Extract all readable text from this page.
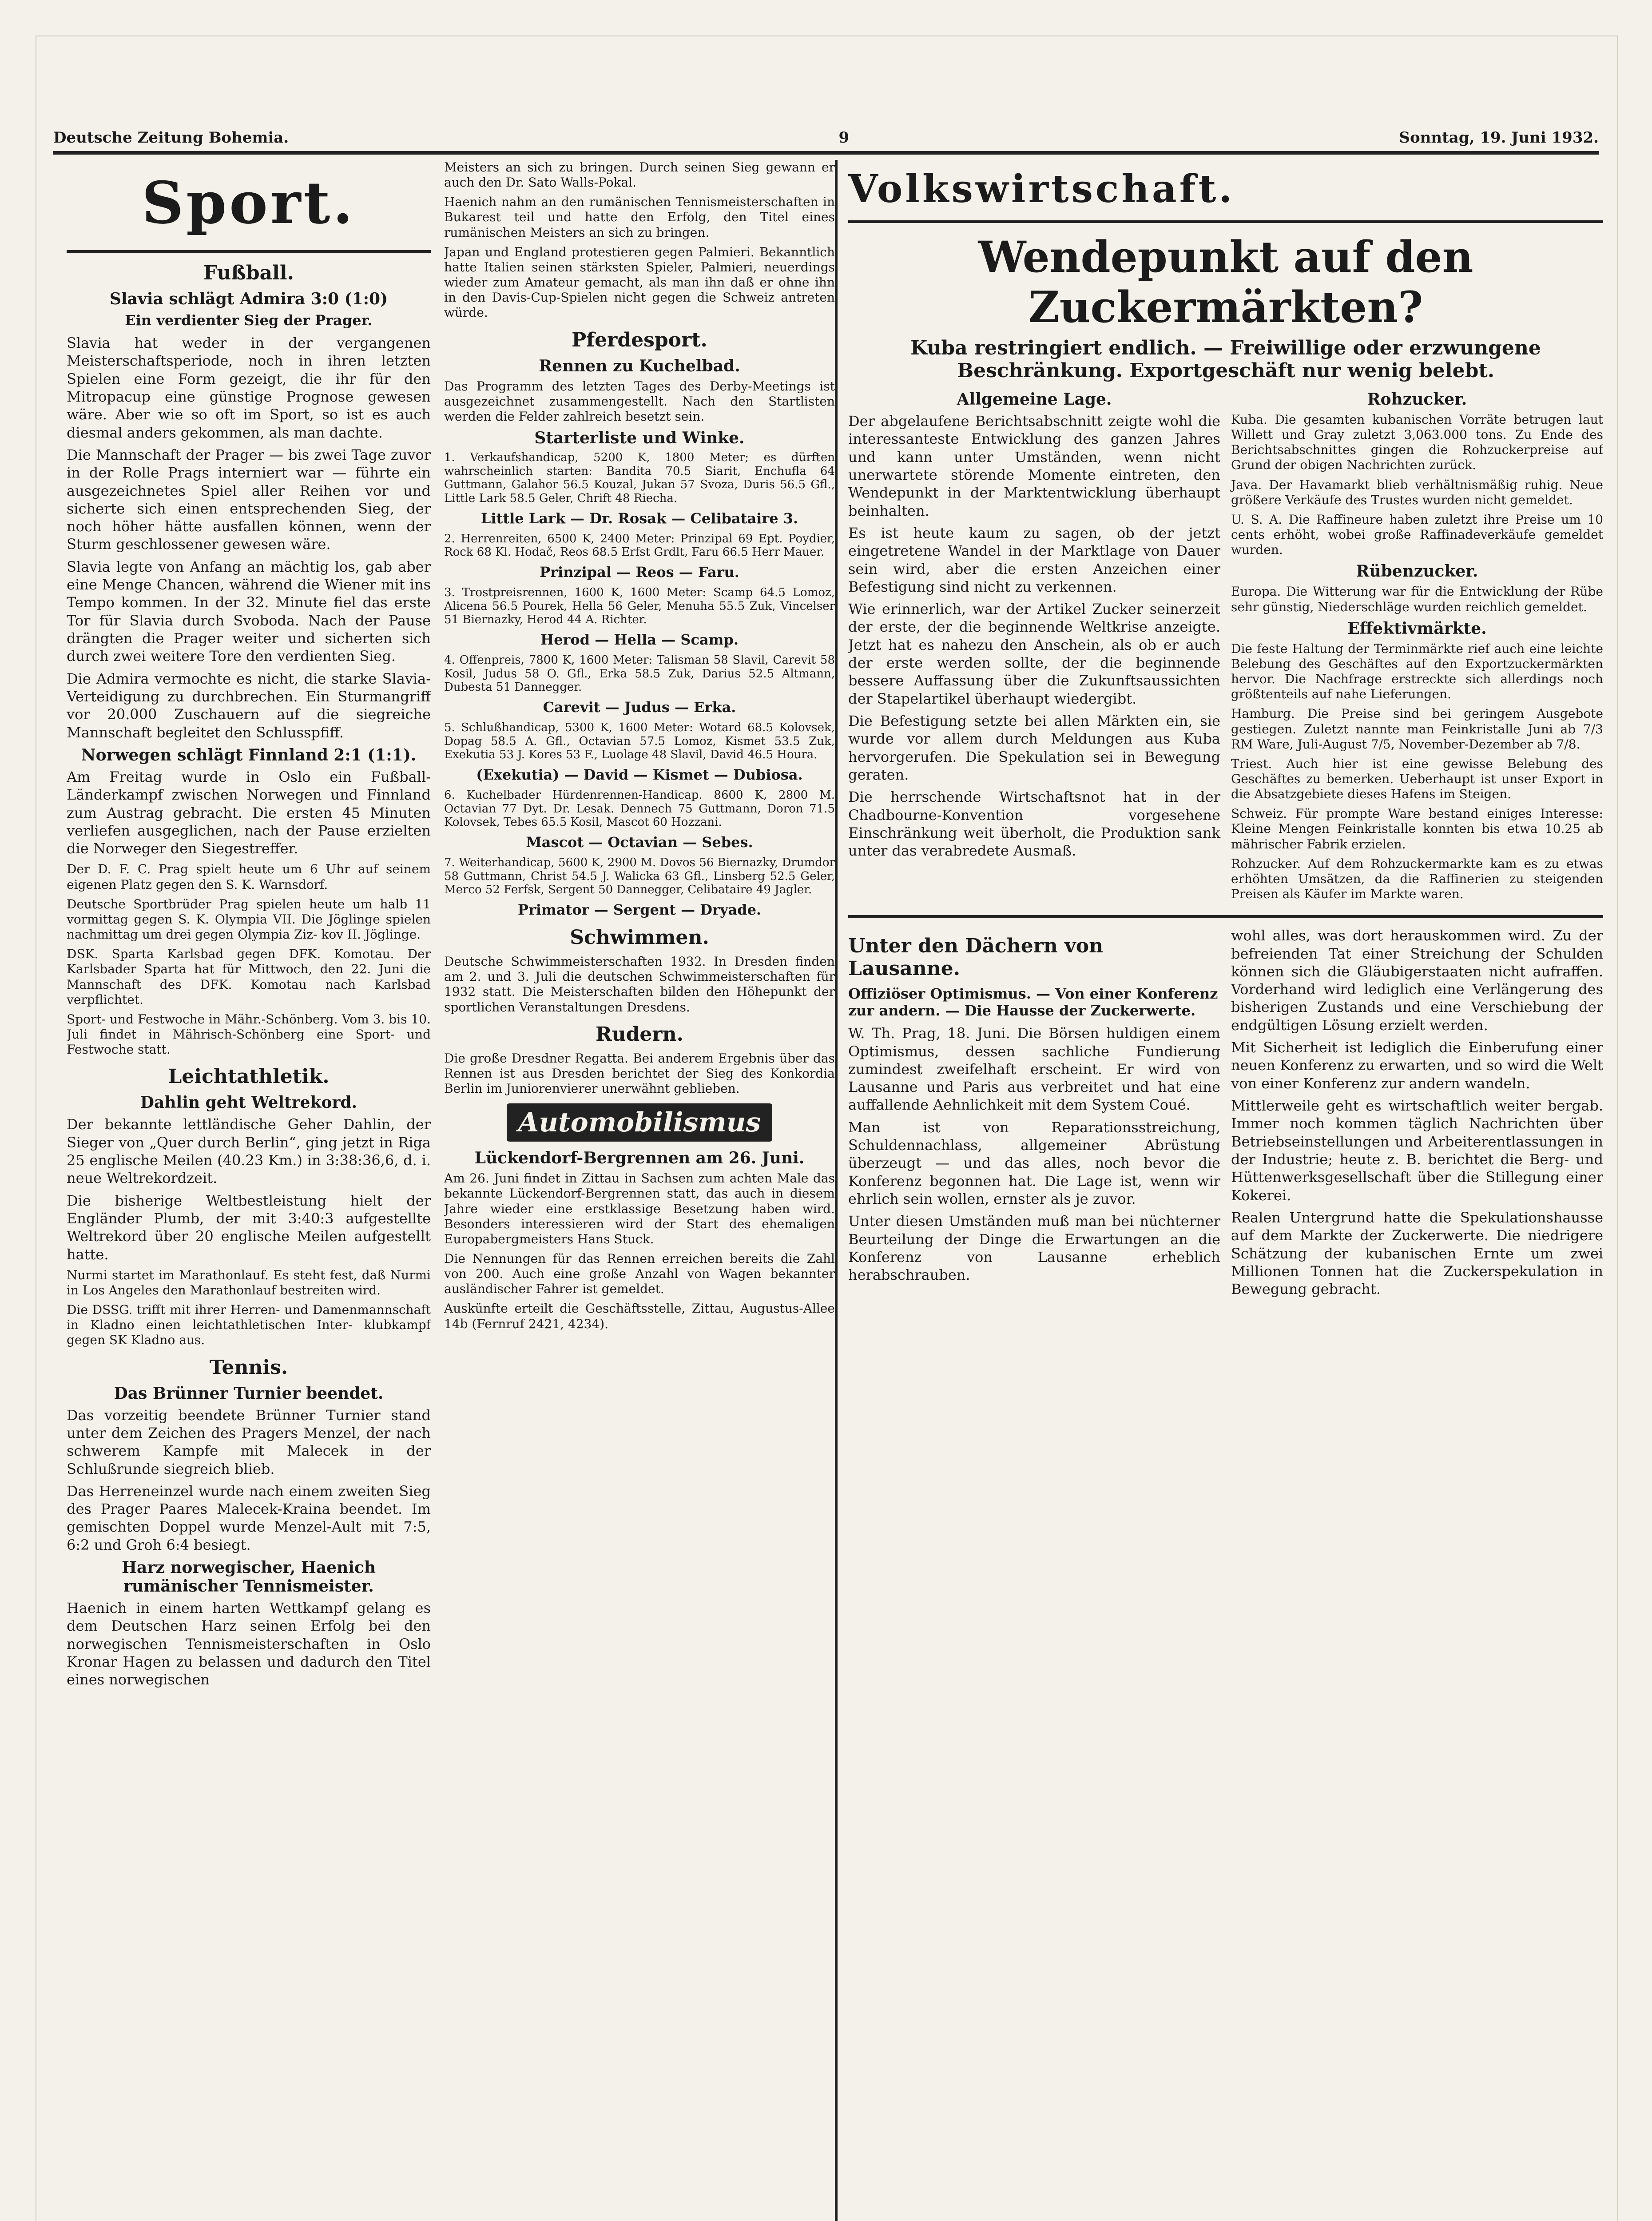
Deutsche Zeitung Bohemia.	9	Sonntag, 19. Juni 1932.
Sport.
Fußball.
Slavia schlägt Admira 3:0 (1:0)
Ein verdienter Sieg der Prager.

Slavia hat weder in der vergangenen Meisterschaftsperiode, noch in ihren letzten Spielen eine Form gezeigt, die ihr für den Mitropacup eine günstige Prognose gewesen wäre. Aber wie so oft im Sport, so ist es auch diesmal anders gekommen, als man dachte.

Die Mannschaft der Prager — bis zwei Tage zuvor in der Rolle Prags interniert war — führte ein ausgezeichnetes Spiel aller Reihen vor und sicherte sich einen entsprechenden Sieg, der noch höher hätte ausfallen können, wenn der Sturm geschlossener gewesen wäre.

Slavia legte von Anfang an mächtig los, gab aber eine Menge Chancen, während die Wiener mit ins Tempo kommen. In der 32. Minute fiel das erste Tor für Slavia durch Svoboda. Nach der Pause drängten die Prager weiter und sicherten sich durch zwei weitere Tore den verdienten Sieg.

Die Admira vermochte es nicht, die starke Slavia-Verteidigung zu durchbrechen. Ein Sturmangriff vor 20.000 Zuschauern auf die siegreiche Mannschaft begleitet den Schlusspfiff.

Norwegen schlägt Finnland 2:1 (1:1).

Am Freitag wurde in Oslo ein Fußball-Länderkampf zwischen Norwegen und Finnland zum Austrag gebracht. Die ersten 45 Minuten verliefen ausgeglichen, nach der Pause erzielten die Norweger den Siegestreffer.

Der D. F. C. Prag spielt heute um 6 Uhr auf seinem eigenen Platz gegen den S. K. Warnsdorf.

Deutsche Sportbrüder Prag spielen heute um halb 11 vormittag gegen S. K. Olympia VII. Die Jöglinge spielen nachmittag um drei gegen Olympia Ziz- kov II. Jöglinge.

DSK. Sparta Karlsbad gegen DFK. Komotau. Der Karlsbader Sparta hat für Mittwoch, den 22. Juni die Mannschaft des DFK. Komotau nach Karlsbad verpflichtet.

Sport- und Festwoche in Mähr.-Schönberg. Vom 3. bis 10. Juli findet in Mährisch-Schönberg eine Sport- und Festwoche statt.

Leichtathletik.
Dahlin geht Weltrekord.

Der bekannte lettländische Geher Dahlin, der Sieger von „Quer durch Berlin“, ging jetzt in Riga 25 englische Meilen (40.23 Km.) in 3:38:36,6, d. i. neue Weltrekordzeit.

Die bisherige Weltbestleistung hielt der Engländer Plumb, der mit 3:40:3 aufgestellte Weltrekord über 20 englische Meilen aufgestellt hatte.

Nurmi startet im Marathonlauf. Es steht fest, daß Nurmi in Los Angeles den Marathonlauf bestreiten wird.

Die DSSG. trifft mit ihrer Herren- und Damenmannschaft in Kladno einen leichtathletischen Inter- klubkampf gegen SK Kladno aus.

Tennis.
Das Brünner Turnier beendet.

Das vorzeitig beendete Brünner Turnier stand unter dem Zeichen des Pragers Menzel, der nach schwerem Kampfe mit Malecek in der Schlußrunde siegreich blieb.

Das Herreneinzel wurde nach einem zweiten Sieg des Prager Paares Malecek-Kraina beendet. Im gemischten Doppel wurde Menzel-Ault mit 7:5, 6:2 und Groh 6:4 besiegt.

Harz norwegischer, Haenich rumänischer Tennismeister.

Haenich in einem harten Wettkampf gelang es dem Deutschen Harz seinen Erfolg bei den norwegischen Tennismeisterschaften in Oslo Kronar Hagen zu belassen und dadurch den Titel eines norwegischen

Meisters an sich zu bringen. Durch seinen Sieg gewann er auch den Dr. Sato Walls-Pokal.

Haenich nahm an den rumänischen Tennismeisterschaften in Bukarest teil und hatte den Erfolg, den Titel eines rumänischen Meisters an sich zu bringen.

Japan und England protestieren gegen Palmieri. Bekanntlich hatte Italien seinen stärksten Spieler, Palmieri, neuerdings wieder zum Amateur gemacht, als man ihn daß er ohne ihn in den Davis-Cup-Spielen nicht gegen die Schweiz antreten würde.

Pferdesport.
Rennen zu Kuchelbad.

Das Programm des letzten Tages des Derby-Meetings ist ausgezeichnet zusammengestellt. Nach den Startlisten werden die Felder zahlreich besetzt sein.

Starterliste und Winke.

1. Verkaufshandicap, 5200 K, 1800 Meter; es dürften wahrscheinlich starten: Bandita 70.5 Siarit, Enchufla 64 Guttmann, Galahor 56.5 Kouzal, Jukan 57 Svoza, Duris 56.5 Gfl., Little Lark 58.5 Geler, Chrift 48 Riecha.

Little Lark — Dr. Rosak — Celibataire 3.

2. Herrenreiten, 6500 K, 2400 Meter: Prinzipal 69 Ept. Poydier, Rock 68 Kl. Hodač, Reos 68.5 Erfst Grdlt, Faru 66.5 Herr Mauer.

Prinzipal — Reos — Faru.

3. Trostpreisrennen, 1600 K, 1600 Meter: Scamp 64.5 Lomoz, Alicena 56.5 Pourek, Hella 56 Geler, Menuha 55.5 Zuk, Vincelser 51 Biernazky, Herod 44 A. Richter.

Herod — Hella — Scamp.

4. Offenpreis, 7800 K, 1600 Meter: Talisman 58 Slavil, Carevit 58 Kosil, Judus 58 O. Gfl., Erka 58.5 Zuk, Darius 52.5 Altmann, Dubesta 51 Dannegger.

Carevit — Judus — Erka.

5. Schlußhandicap, 5300 K, 1600 Meter: Wotard 68.5 Kolovsek, Dopag 58.5 A. Gfl., Octavian 57.5 Lomoz, Kismet 53.5 Zuk, Exekutia 53 J. Kores 53 F., Luolage 48 Slavil, David 46.5 Houra.

(Exekutia) — David — Kismet — Dubiosa.

6. Kuchelbader Hürdenrennen-Handicap. 8600 K, 2800 M. Octavian 77 Dyt. Dr. Lesak. Dennech 75 Guttmann, Doron 71.5 Kolovsek, Tebes 65.5 Kosil, Mascot 60 Hozzani.

Mascot — Octavian — Sebes.

7. Weiterhandicap, 5600 K, 2900 M. Dovos 56 Biernazky, Drumdor 58 Guttmann, Christ 54.5 J. Walicka 63 Gfl., Linsberg 52.5 Geler, Merco 52 Ferfsk, Sergent 50 Dannegger, Celibataire 49 Jagler.

Primator — Sergent — Dryade.
Schwimmen.

Deutsche Schwimmeisterschaften 1932. In Dresden finden am 2. und 3. Juli die deutschen Schwimmeisterschaften für 1932 statt. Die Meisterschaften bilden den Höhepunkt der sportlichen Veranstaltungen Dresdens.

Rudern.

Die große Dresdner Regatta. Bei anderem Ergebnis über das Rennen ist aus Dresden berichtet der Sieg des Konkordia Berlin im Juniorenvierer unerwähnt geblieben.

Automobilismus
Lückendorf-Bergrennen am 26. Juni.

Am 26. Juni findet in Zittau in Sachsen zum achten Male das bekannte Lückendorf-Bergrennen statt, das auch in diesem Jahre wieder eine erstklassige Besetzung haben wird. Besonders interessieren wird der Start des ehemaligen Europabergmeisters Hans Stuck.

Die Nennungen für das Rennen erreichen bereits die Zahl von 200. Auch eine große Anzahl von Wagen bekannter ausländischer Fahrer ist gemeldet.

Auskünfte erteilt die Geschäftsstelle, Zittau, Augustus-Allee 14b (Fernruf 2421, 4234).

Volkswirtschaft.
Wendepunkt auf den Zuckermärkten?
Kuba restringiert endlich. — Freiwillige oder erzwungene Beschränkung. Exportgeschäft nur wenig belebt.
Allgemeine Lage.

Der abgelaufene Berichtsabschnitt zeigte wohl die interessanteste Entwicklung des ganzen Jahres und kann unter Umständen, wenn nicht unerwartete störende Momente eintreten, den Wendepunkt in der Marktentwicklung überhaupt beinhalten.

Es ist heute kaum zu sagen, ob der jetzt eingetretene Wandel in der Marktlage von Dauer sein wird, aber die ersten Anzeichen einer Befestigung sind nicht zu verkennen.

Wie erinnerlich, war der Artikel Zucker seinerzeit der erste, der die beginnende Weltkrise anzeigte. Jetzt hat es nahezu den Anschein, als ob er auch der erste werden sollte, der die beginnende bessere Auffassung über die Zukunftsaussichten der Stapelartikel überhaupt wiedergibt.

Die Befestigung setzte bei allen Märkten ein, sie wurde vor allem durch Meldungen aus Kuba hervorgerufen. Die Spekulation sei in Bewegung geraten.

Die herrschende Wirtschaftsnot hat in der Chadbourne-Konvention vorgesehene Einschränkung weit überholt, die Produktion sank unter das verabredete Ausmaß.

Rohzucker.

Kuba. Die gesamten kubanischen Vorräte betrugen laut Willett und Gray zuletzt 3,063.000 tons. Zu Ende des Berichtsabschnittes gingen die Rohzuckerpreise auf Grund der obigen Nachrichten zurück.

Java. Der Havamarkt blieb verhältnismäßig ruhig. Neue größere Verkäufe des Trustes wurden nicht gemeldet.

U. S. A. Die Raffineure haben zuletzt ihre Preise um 10 cents erhöht, wobei große Raffinadeverkäufe gemeldet wurden.

Rübenzucker.

Europa. Die Witterung war für die Entwicklung der Rübe sehr günstig, Niederschläge wurden reichlich gemeldet.

Effektivmärkte.

Die feste Haltung der Terminmärkte rief auch eine leichte Belebung des Geschäftes auf den Exportzuckermärkten hervor. Die Nachfrage erstreckte sich allerdings noch größtenteils auf nahe Lieferungen.

Hamburg. Die Preise sind bei geringem Ausgebote gestiegen. Zuletzt nannte man Feinkristalle Juni ab 7/3 RM Ware, Juli-August 7/5, November-Dezember ab 7/8.

Triest. Auch hier ist eine gewisse Belebung des Geschäftes zu bemerken. Ueberhaupt ist unser Export in die Absatzgebiete dieses Hafens im Steigen.

Schweiz. Für prompte Ware bestand einiges Interesse: Kleine Mengen Feinkristalle konnten bis etwa 10.25 ab mährischer Fabrik erzielen.

Rohzucker. Auf dem Rohzuckermarkte kam es zu etwas erhöhten Umsätzen, da die Raffinerien zu steigenden Preisen als Käufer im Markte waren.

Unter den Dächern von Lausanne.
Offiziöser Optimismus. — Von einer Konferenz zur andern. — Die Hausse der Zuckerwerte.

W. Th. Prag, 18. Juni. Die Börsen huldigen einem Optimismus, dessen sachliche Fundierung zumindest zweifelhaft erscheint. Er wird von Lausanne und Paris aus verbreitet und hat eine auffallende Aehnlichkeit mit dem System Coué.

Man ist von Reparationsstreichung, Schuldennachlass, allgemeiner Abrüstung überzeugt — und das alles, noch bevor die Konferenz begonnen hat. Die Lage ist, wenn wir ehrlich sein wollen, ernster als je zuvor.

Unter diesen Umständen muß man bei nüchterner Beurteilung der Dinge die Erwartungen an die Konferenz von Lausanne erheblich herabschrauben.

wohl alles, was dort herauskommen wird. Zu der befreienden Tat einer Streichung der Schulden können sich die Gläubigerstaaten nicht aufraffen. Vorderhand wird lediglich eine Verlängerung des bisherigen Zustands und eine Verschiebung der endgültigen Lösung erzielt werden.

Mit Sicherheit ist lediglich die Einberufung einer neuen Konferenz zu erwarten, und so wird die Welt von einer Konferenz zur andern wandeln.

Mittlerweile geht es wirtschaftlich weiter bergab. Immer noch kommen täglich Nachrichten über Betriebseinstellungen und Arbeiterentlassungen in der Industrie; heute z. B. berichtet die Berg- und Hüttenwerksgesellschaft über die Stillegung einer Kokerei.

Realen Untergrund hatte die Spekulationshausse auf dem Markte der Zuckerwerte. Die niedrigere Schätzung der kubanischen Ernte um zwei Millionen Tonnen hat die Zuckerspekulation in Bewegung gebracht.
